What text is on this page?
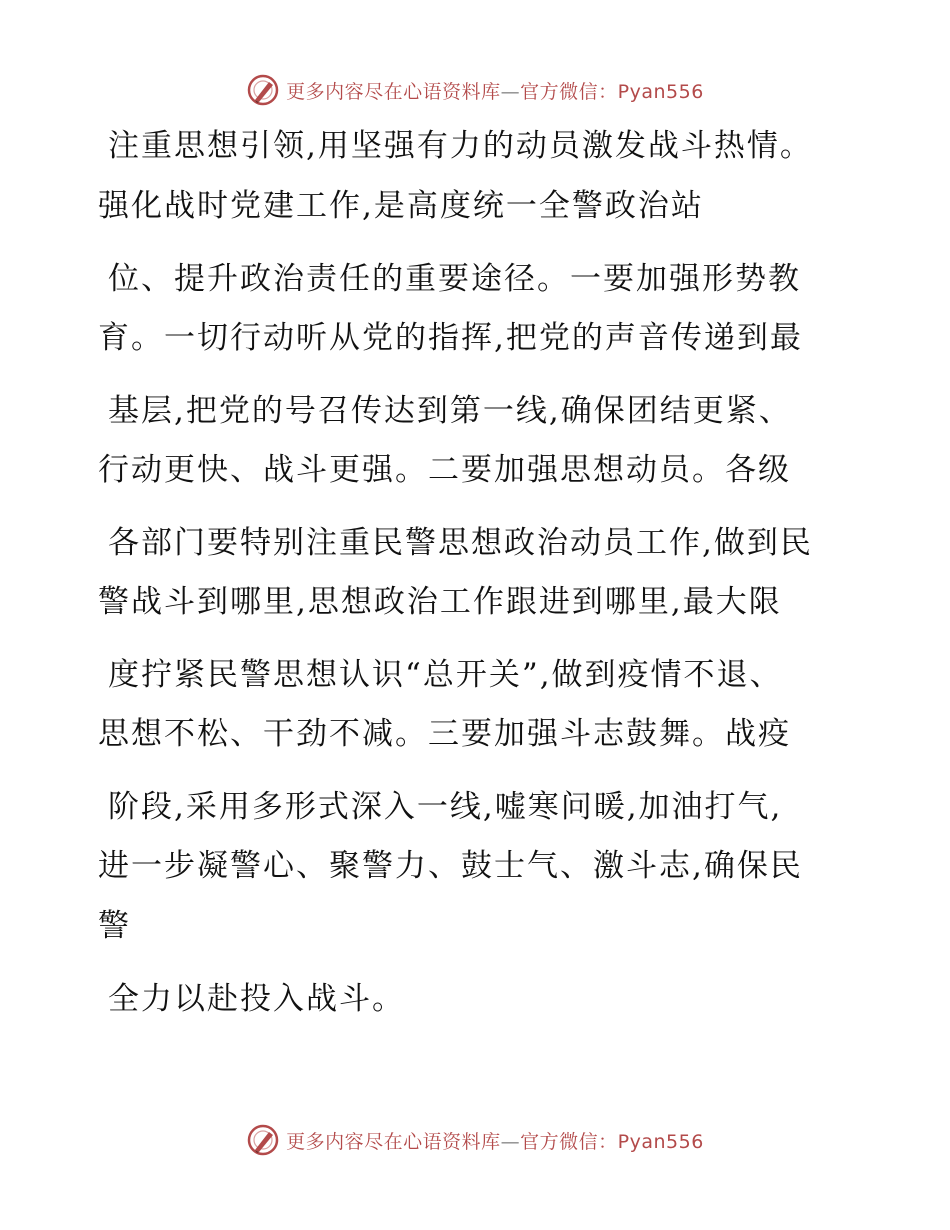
更多内容尽在心语资料库—官方微信：Pyan556
注重思想引领,用坚强有力的动员激发战斗热情。
强化战时党建工作,是高度统一全警政治站
位、提升政治责任的重要途径。一要加强形势教
育。一切行动听从党的指挥,把党的声音传递到最
基层,把党的号召传达到第一线,确保团结更紧、
行动更快、战斗更强。二要加强思想动员。各级
各部门要特别注重民警思想政治动员工作,做到民
警战斗到哪里,思想政治工作跟进到哪里,最大限
度拧紧民警思想认识“总开关”,做到疫情不退、
思想不松、干劲不减。三要加强斗志鼓舞。战疫
阶段,采用多形式深入一线,嘘寒问暖,加油打气,
进一步凝警心、聚警力、鼓士气、激斗志,确保民
警
全力以赴投入战斗。
更多内容尽在心语资料库—官方微信：Pyan556
